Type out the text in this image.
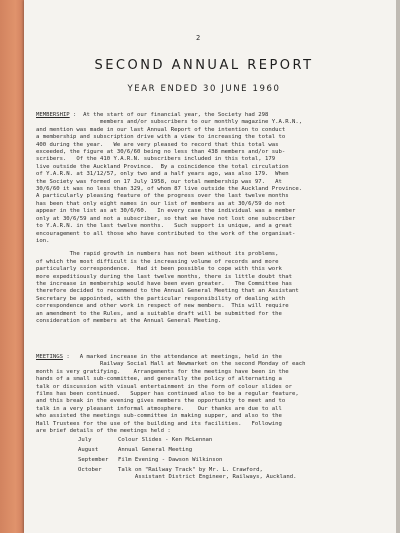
2
SECOND ANNUAL REPORT
YEAR ENDED 30 JUNE 1960
MEMBERSHIP :  At the start of our financial year, the Society had 298
members and/or subscribers to our monthly magazine Y.A.R.N.,
and mention was made in our last Annual Report of the intention to conduct
a membership and subscription drive with a view to increasing the total to
400 during the year.   We are very pleased to record that this total was
exceeded, the figure at 30/6/60 being no less than 438 members and/or sub-
scribers.   Of the 410 Y.A.R.N. subscribers included in this total, 179
live outside the Auckland Province.  By a coincidence the total circulation
of Y.A.R.N. at 31/12/57, only two and a half years ago, was also 179.  When
the Society was formed on 17 July 1958, our total membership was 97.   At
30/6/60 it was no less than 329, of whom 87 live outside the Auckland Province.
A particularly pleasing feature of the progress over the last twelve months
has been that only eight names in our list of members as at 30/6/59 do not
appear in the list as at 30/6/60.   In every case the individual was a member
only at 30/6/59 and not a subscriber, so that we have not lost one subscriber
to Y.A.R.N. in the last twelve months.   Such support is unique, and a great
encouragement to all those who have contributed to the work of the organisat-
ion.
The rapid growth in numbers has not been without its problems,
of which the most difficult is the increasing volume of records and more
particularly correspondence.  Had it been possible to cope with this work
more expeditiously during the last twelve months, there is little doubt that
the increase in membership would have been even greater.   The Committee has
therefore decided to recommend to the Annual General Meeting that an Assistant
Secretary be appointed, with the particular responsibility of dealing with
correspondence and other work in respect of new members.  This will require
an amendment to the Rules, and a suitable draft will be submitted for the
consideration of members at the Annual General Meeting.
MEETINGS :   A marked increase in the attendance at meetings, held in the
Railway Social Hall at Newmarket on the second Monday of each
month is very gratifying.    Arrangements for the meetings have been in the
hands of a small sub-committee, and generally the policy of alternating a
talk or discussion with visual entertainment in the form of colour slides or
films has been continued.   Supper has continued also to be a regular feature,
and this break in the evening gives members the opportunity to meet and to
talk in a very pleasant informal atmosphere.    Our thanks are due to all
who assisted the meetings sub-committee in making supper, and also to the
Hall Trustees for the use of the building and its facilities.   Following
are brief details of the meetings held :
July	Colour Slides - Ken McLennan
August	Annual General Meeting
September	Film Evening - Dawson Wilkinson
October	Talk on "Railway Track" by Mr. L. Crawford,
Assistant District Engineer, Railways, Auckland.
